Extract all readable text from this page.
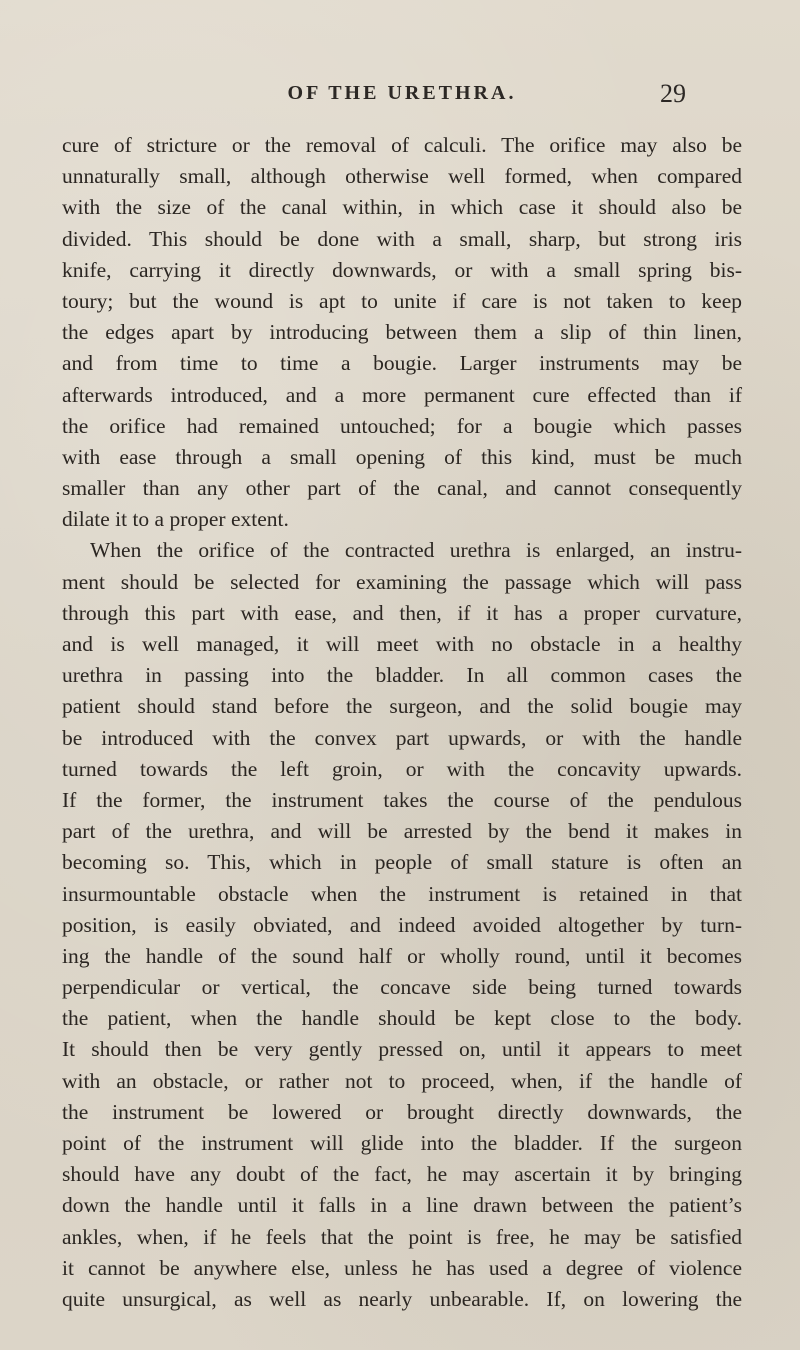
OF THE URETHRA.	29
cure of stricture or the removal of calculi. The orifice may also be
unnaturally small, although otherwise well formed, when compared
with the size of the canal within, in which case it should also be
divided. This should be done with a small, sharp, but strong iris
knife, carrying it directly downwards, or with a small spring bis-
toury; but the wound is apt to unite if care is not taken to keep
the edges apart by introducing between them a slip of thin linen,
and from time to time a bougie. Larger instruments may be
afterwards introduced, and a more permanent cure effected than if
the orifice had remained untouched; for a bougie which passes
with ease through a small opening of this kind, must be much
smaller than any other part of the canal, and cannot consequently
dilate it to a proper extent.
When the orifice of the contracted urethra is enlarged, an instru-
ment should be selected for examining the passage which will pass
through this part with ease, and then, if it has a proper curvature,
and is well managed, it will meet with no obstacle in a healthy
urethra in passing into the bladder. In all common cases the
patient should stand before the surgeon, and the solid bougie may
be introduced with the convex part upwards, or with the handle
turned towards the left groin, or with the concavity upwards.
If the former, the instrument takes the course of the pendulous
part of the urethra, and will be arrested by the bend it makes in
becoming so. This, which in people of small stature is often an
insurmountable obstacle when the instrument is retained in that
position, is easily obviated, and indeed avoided altogether by turn-
ing the handle of the sound half or wholly round, until it becomes
perpendicular or vertical, the concave side being turned towards
the patient, when the handle should be kept close to the body.
It should then be very gently pressed on, until it appears to meet
with an obstacle, or rather not to proceed, when, if the handle of
the instrument be lowered or brought directly downwards, the
point of the instrument will glide into the bladder. If the surgeon
should have any doubt of the fact, he may ascertain it by bringing
down the handle until it falls in a line drawn between the patient’s
ankles, when, if he feels that the point is free, he may be satisfied
it cannot be anywhere else, unless he has used a degree of violence
quite unsurgical, as well as nearly unbearable. If, on lowering the
